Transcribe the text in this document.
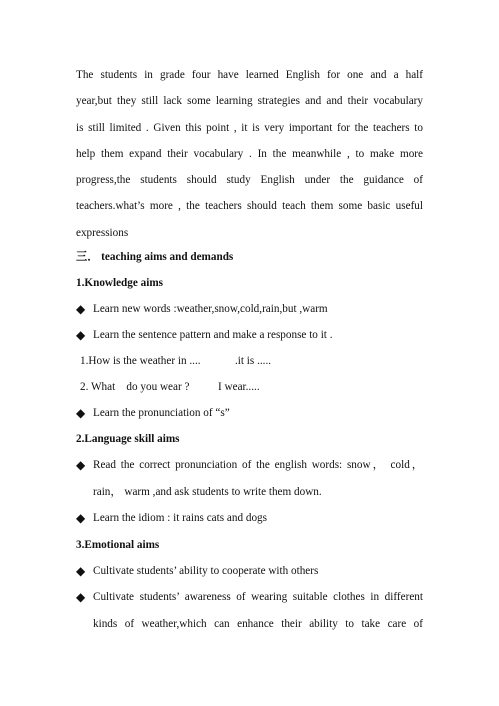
The students in grade four have learned English for one and a half
year,but they still lack some learning strategies and and their vocabulary
is still limited . Given this point , it is very important for the teachers to
help them expand their vocabulary . In the meanwhile , to make more
progress,the students should study English under the guidance of
teachers.what’s more , the teachers should teach them some basic useful
expressions
三． teaching aims and demands
1.Knowledge aims
◆ Learn new words :weather,snow,cold,rain,but ,warm
◆ Learn the sentence pattern and make a response to it .
1.How is the weather in ....	.it is .....
2. What    do you wear ?	I wear.....
◆ Learn the pronunciation of “s”
2.Language skill aims
◆ Read the correct pronunciation of the english words: snow， cold，
rain， warm ,and ask students to write them down.
◆ Learn the idiom : it rains cats and dogs
3.Emotional aims
◆ Cultivate students’ ability to cooperate with others
◆ Cultivate students’ awareness of wearing suitable clothes in different
kinds of weather,which can enhance their ability to take care of
